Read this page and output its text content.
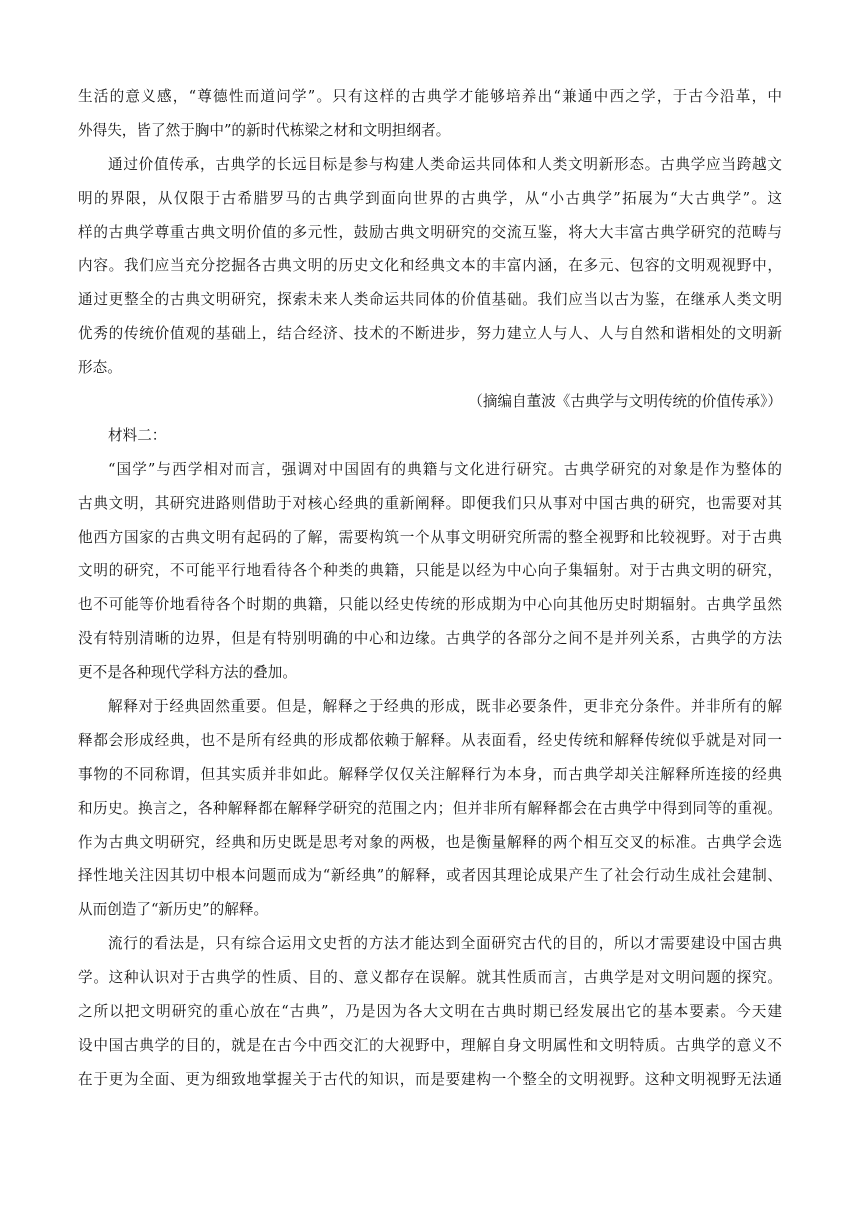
生活的意义感，“尊德性而道问学”。只有这样的古典学才能够培养出“兼通中西之学，于古今沿革，中
外得失，皆了然于胸中”的新时代栋梁之材和文明担纲者。
通过价值传承，古典学的长远目标是参与构建人类命运共同体和人类文明新形态。古典学应当跨越文
明的界限，从仅限于古希腊罗马的古典学到面向世界的古典学，从“小古典学”拓展为“大古典学”。这
样的古典学尊重古典文明价值的多元性，鼓励古典文明研究的交流互鉴，将大大丰富古典学研究的范畴与
内容。我们应当充分挖掘各古典文明的历史文化和经典文本的丰富内涵，在多元、包容的文明观视野中，
通过更整全的古典文明研究，探索未来人类命运共同体的价值基础。我们应当以古为鉴，在继承人类文明
优秀的传统价值观的基础上，结合经济、技术的不断进步，努力建立人与人、人与自然和谐相处的文明新
形态。
（摘编自董波《古典学与文明传统的价值传承》）
材料二：
“国学”与西学相对而言，强调对中国固有的典籍与文化进行研究。古典学研究的对象是作为整体的
古典文明，其研究进路则借助于对核心经典的重新阐释。即便我们只从事对中国古典的研究，也需要对其
他西方国家的古典文明有起码的了解，需要构筑一个从事文明研究所需的整全视野和比较视野。对于古典
文明的研究，不可能平行地看待各个种类的典籍，只能是以经为中心向子集辐射。对于古典文明的研究，
也不可能等价地看待各个时期的典籍，只能以经史传统的形成期为中心向其他历史时期辐射。古典学虽然
没有特别清晰的边界，但是有特别明确的中心和边缘。古典学的各部分之间不是并列关系，古典学的方法
更不是各种现代学科方法的叠加。
解释对于经典固然重要。但是，解释之于经典的形成，既非必要条件，更非充分条件。并非所有的解
释都会形成经典，也不是所有经典的形成都依赖于解释。从表面看，经史传统和解释传统似乎就是对同一
事物的不同称谓，但其实质并非如此。解释学仅仅关注解释行为本身，而古典学却关注解释所连接的经典
和历史。换言之，各种解释都在解释学研究的范围之内；但并非所有解释都会在古典学中得到同等的重视。
作为古典文明研究，经典和历史既是思考对象的两极，也是衡量解释的两个相互交叉的标准。古典学会选
择性地关注因其切中根本问题而成为“新经典”的解释，或者因其理论成果产生了社会行动生成社会建制、
从而创造了“新历史”的解释。
流行的看法是，只有综合运用文史哲的方法才能达到全面研究古代的目的，所以才需要建设中国古典
学。这种认识对于古典学的性质、目的、意义都存在误解。就其性质而言，古典学是对文明问题的探究。
之所以把文明研究的重心放在“古典”，乃是因为各大文明在古典时期已经发展出它的基本要素。今天建
设中国古典学的目的，就是在古今中西交汇的大视野中，理解自身文明属性和文明特质。古典学的意义不
在于更为全面、更为细致地掌握关于古代的知识，而是要建构一个整全的文明视野。这种文明视野无法通
